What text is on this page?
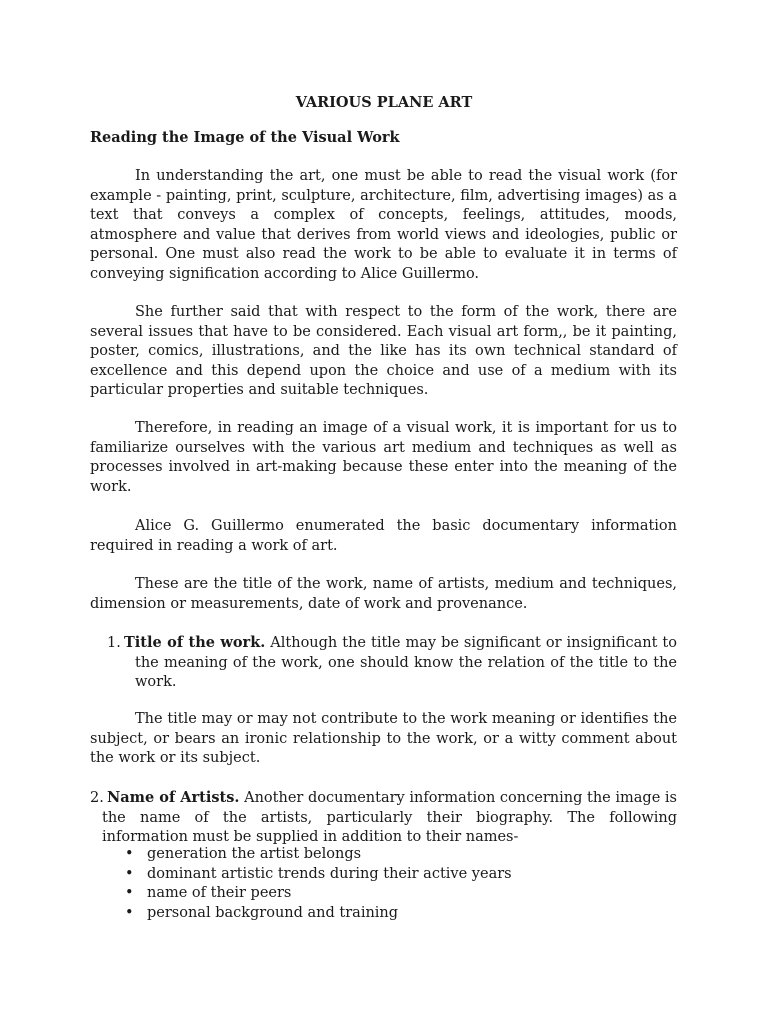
VARIOUS PLANE ART

Reading the Image of the Visual Work

In understanding the art, one must be able to read the visual work (for example - painting, print, sculpture, architecture, film, advertising images) as a text that conveys a complex of concepts, feelings, attitudes, moods, atmosphere and value that derives from world views and ideologies, public or personal. One must also read the work to be able to evaluate it in terms of conveying signification according to Alice Guillermo.

She further said that with respect to the form of the work, there are several issues that have to be considered. Each visual art form,, be it painting, poster, comics, illustrations, and the like has its own technical standard of excellence and this depend upon the choice and use of a medium with its particular properties and suitable techniques.

Therefore, in reading an image of a visual work, it is important for us to familiarize ourselves with the various art medium and techniques as well as processes involved in art-making because these enter into the meaning of the work.

Alice G. Guillermo enumerated the basic documentary information required in reading a work of art.

These are the title of the work, name of artists, medium and techniques, dimension or measurements, date of work and provenance.

1. Title of the work. Although the title may be significant or insignificant to the meaning of the work, one should know the relation of the title to the work.

The title may or may not contribute to the work meaning or identifies the subject, or bears an ironic relationship to the work, or a witty comment about the work or its subject.

2. Name of Artists. Another documentary information concerning the image is the name of the artists, particularly their biography. The following information must be supplied in addition to their names-

• generation the artist belongs
• dominant artistic trends during their active years
• name of their peers
• personal background and training
